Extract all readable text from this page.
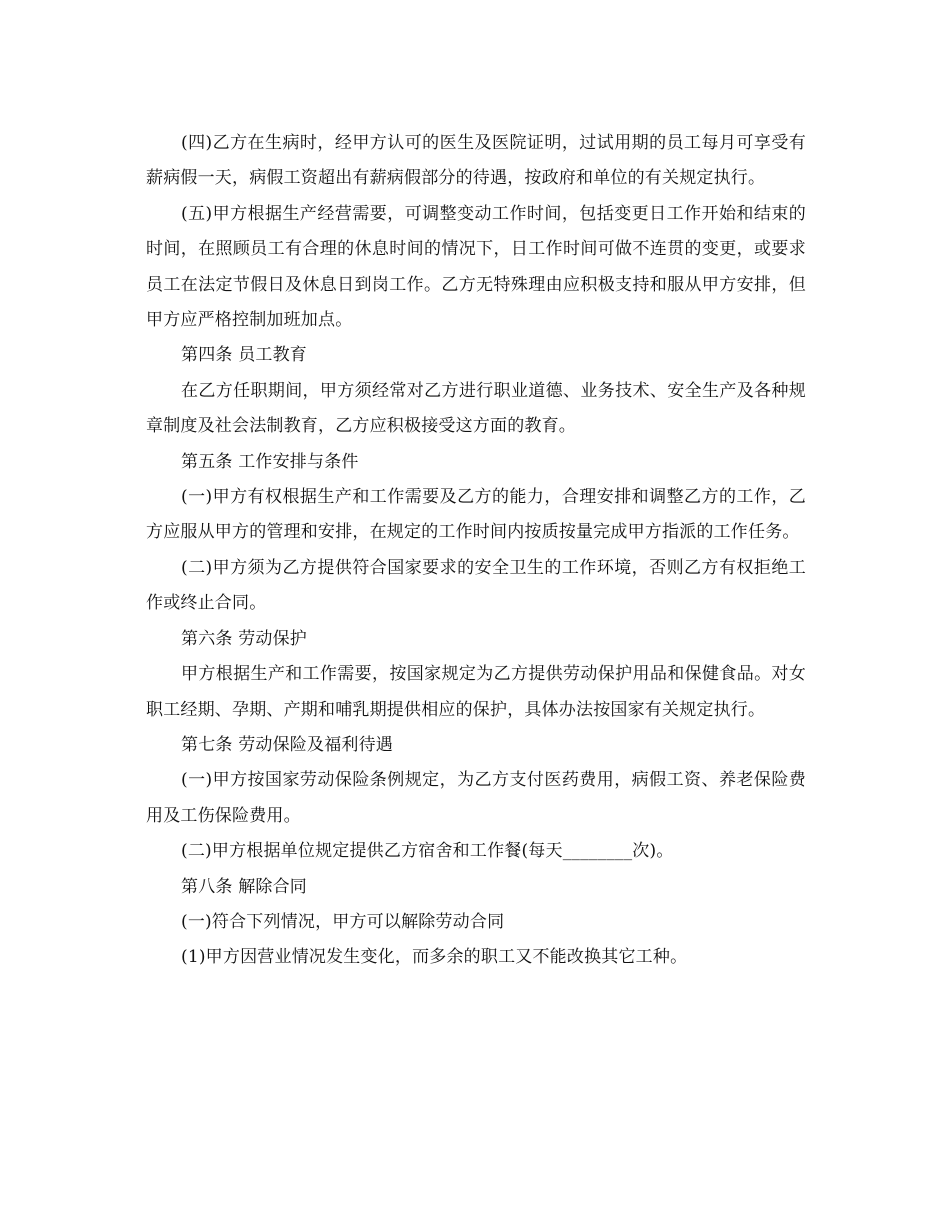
(四)乙方在生病时，经甲方认可的医生及医院证明，过试用期的员工每月可享受有薪病假一天，病假工资超出有薪病假部分的待遇，按政府和单位的有关规定执行。

(五)甲方根据生产经营需要，可调整变动工作时间，包括变更日工作开始和结束的时间，在照顾员工有合理的休息时间的情况下，日工作时间可做不连贯的变更，或要求员工在法定节假日及休息日到岗工作。乙方无特殊理由应积极支持和服从甲方安排，但甲方应严格控制加班加点。

第四条 员工教育

在乙方任职期间，甲方须经常对乙方进行职业道德、业务技术、安全生产及各种规章制度及社会法制教育，乙方应积极接受这方面的教育。

第五条 工作安排与条件

(一)甲方有权根据生产和工作需要及乙方的能力，合理安排和调整乙方的工作，乙方应服从甲方的管理和安排，在规定的工作时间内按质按量完成甲方指派的工作任务。

(二)甲方须为乙方提供符合国家要求的安全卫生的工作环境，否则乙方有权拒绝工作或终止合同。

第六条 劳动保护

甲方根据生产和工作需要，按国家规定为乙方提供劳动保护用品和保健食品。对女职工经期、孕期、产期和哺乳期提供相应的保护，具体办法按国家有关规定执行。

第七条 劳动保险及福利待遇

(一)甲方按国家劳动保险条例规定，为乙方支付医药费用，病假工资、养老保险费用及工伤保险费用。

(二)甲方根据单位规定提供乙方宿舍和工作餐(每天________次)。

第八条 解除合同

(一)符合下列情况，甲方可以解除劳动合同

(1)甲方因营业情况发生变化，而多余的职工又不能改换其它工种。
